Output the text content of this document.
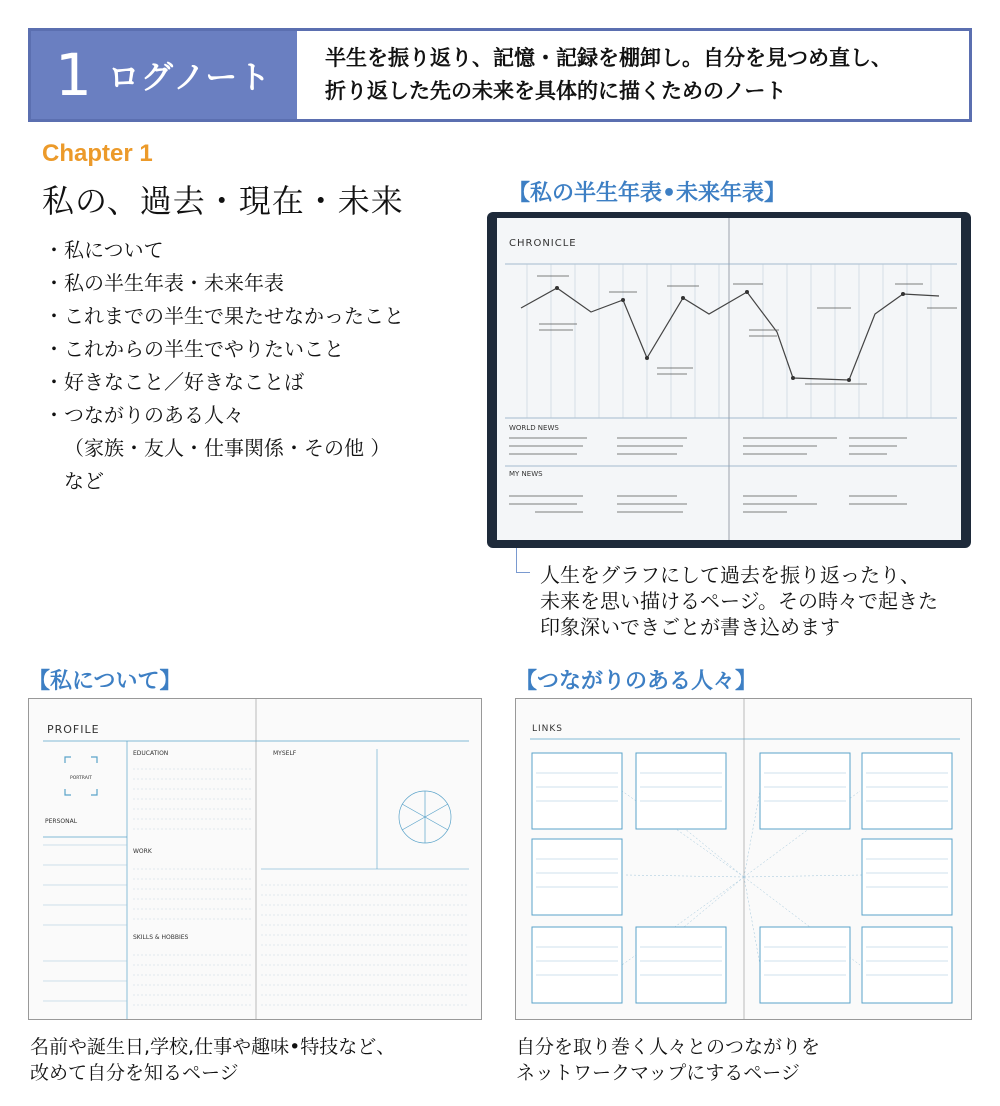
1 ログノート	半生を振り返り、記憶・記録を棚卸し。自分を見つめ直し、
折り返した先の未来を具体的に描くためのノート
Chapter 1
私の、過去・現在・未来
・私について
・私の半生年表・未来年表
・これまでの半生で果たせなかったこと
・これからの半生でやりたいこと
・好きなこと／好きなことば
・つながりのある人々
（家族・友人・仕事関係・その他 ）
など
【私の半生年表•未来年表】
CHRONICLE
WORLD NEWS
MY NEWS
人生をグラフにして過去を振り返ったり、
未来を思い描けるページ。その時々で起きた
印象深いできごとが書き込めます
【私について】
PROFILE
PORTRAIT
PERSONAL
EDUCATION
WORK
SKILLS & HOBBIES
MYSELF
名前や誕生日,学校,仕事や趣味•特技など、
改めて自分を知るページ
【つながりのある人々】
LINKS
自分を取り巻く人々とのつながりを
ネットワークマップにするページ
